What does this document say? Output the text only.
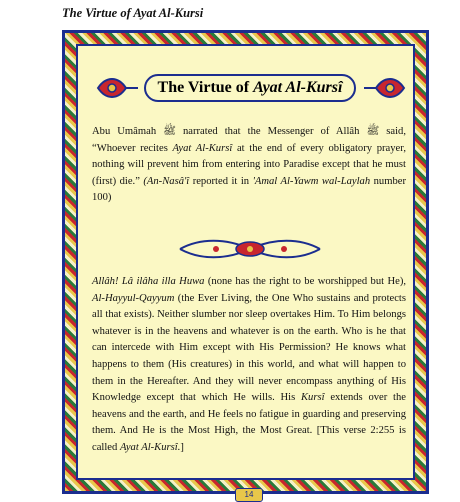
The Virtue of Ayat Al-Kursi
The Virtue of Ayat Al-Kursî
Abu Umâmah ﷺ narrated that the Messenger of Allâh ﷺ said, “Whoever recites Ayat Al-Kursî at the end of every obligatory prayer, nothing will prevent him from entering into Paradise except that he must (first) die.” (An-Nasâ'î reported it in 'Amal Al-Yawm wal-Laylah number 100)
Allâh! Lâ ilâha illa Huwa (none has the right to be worshipped but He), Al-Hayyul-Qayyum (the Ever Living, the One Who sustains and protects all that exists). Neither slumber nor sleep overtakes Him. To Him belongs whatever is in the heavens and whatever is on the earth. Who is he that can intercede with Him except with His Permission? He knows what happens to them (His creatures) in this world, and what will happen to them in the Hereafter. And they will never encompass anything of His Knowledge except that which He wills. His Kursî extends over the heavens and the earth, and He feels no fatigue in guarding and preserving them. And He is the Most High, the Most Great. [This verse 2:255 is called Ayat Al-Kursî.]
14
